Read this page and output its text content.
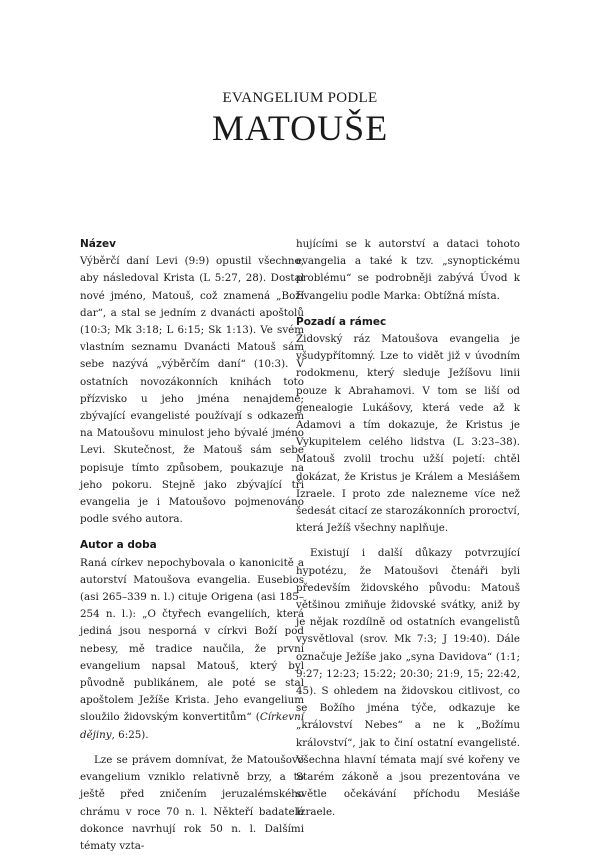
EVANGELIUM PODLE
MATOUŠE
Název

Výběrčí daní Levi (9:9) opustil všechno, aby následoval Krista (L 5:27, 28). Dostal nové jméno, Matouš, což znamená „Boží dar“, a stal se jedním z dvanácti apoštolů (10:3; Mk 3:18; L 6:15; Sk 1:13). Ve svém vlastním seznamu Dvanácti Matouš sám sebe nazývá „výběrčím daní“ (10:3). V ostatních novozákonních knihách toto přízvisko u jeho jména nenajdeme; zbývající evangelisté používají s odkazem na Matoušovu minulost jeho bývalé jméno Levi. Skutečnost, že Matouš sám sebe popisuje tímto způsobem, poukazuje na jeho pokoru. Stejně jako zbývající tři evangelia je i Matoušovo pojmenováno podle svého autora.

Autor a doba

Raná církev nepochybovala o kanonicitě a autorství Matoušova evangelia. Eusebios (asi 265–339 n. l.) cituje Origena (asi 185–254 n. l.): „O čtyřech evangeliích, která jediná jsou nesporná v církvi Boží pod nebesy, mě tradice naučila, že první evangelium napsal Matouš, který byl původně publikánem, ale poté se stal apoštolem Ježíše Krista. Jeho evangelium sloužilo židovským konvertitům“ (Církevní dějiny, 6:25).

Lze se právem domnívat, že Matoušovo evangelium vzniklo relativně brzy, a to ještě před zničením jeruzalémského chrámu v roce 70 n. l. Někteří badatelé dokonce navrhují rok 50 n. l. Dalšími tématy vzta-

hujícími se k autorství a dataci tohoto evangelia a také k tzv. „synoptickému problému“ se podrobněji zabývá Úvod k Evangeliu podle Marka: Obtížná místa.

Pozadí a rámec

Židovský ráz Matoušova evangelia je všudypřítomný. Lze to vidět již v úvodním rodokmenu, který sleduje Ježíšovu linii pouze k Abrahamovi. V tom se liší od genealogie Lukášovy, která vede až k Adamovi a tím dokazuje, že Kristus je Vykupitelem celého lidstva (L 3:23–38). Matouš zvolil trochu užší pojetí: chtěl dokázat, že Kristus je Králem a Mesiášem Izraele. I proto zde nalezneme více než šedesát citací ze starozákonních proroctví, která Ježíš všechny naplňuje.

Existují i další důkazy potvrzující hypotézu, že Matoušovi čtenáři byli především židovského původu: Matouš většinou zmiňuje židovské svátky, aniž by je nějak rozdílně od ostatních evangelistů vysvětloval (srov. Mk 7:3; J 19:40). Dále označuje Ježíše jako „syna Davidova“ (1:1; 9:27; 12:23; 15:22; 20:30; 21:9, 15; 22:42, 45). S ohledem na židovskou citlivost, co se Božího jména týče, odkazuje ke „království Nebes“ a ne k „Božímu království“, jak to činí ostatní evangelisté. Všechna hlavní témata mají své kořeny ve Starém zákoně a jsou prezentována ve světle očekávání příchodu Mesiáše Izraele.
